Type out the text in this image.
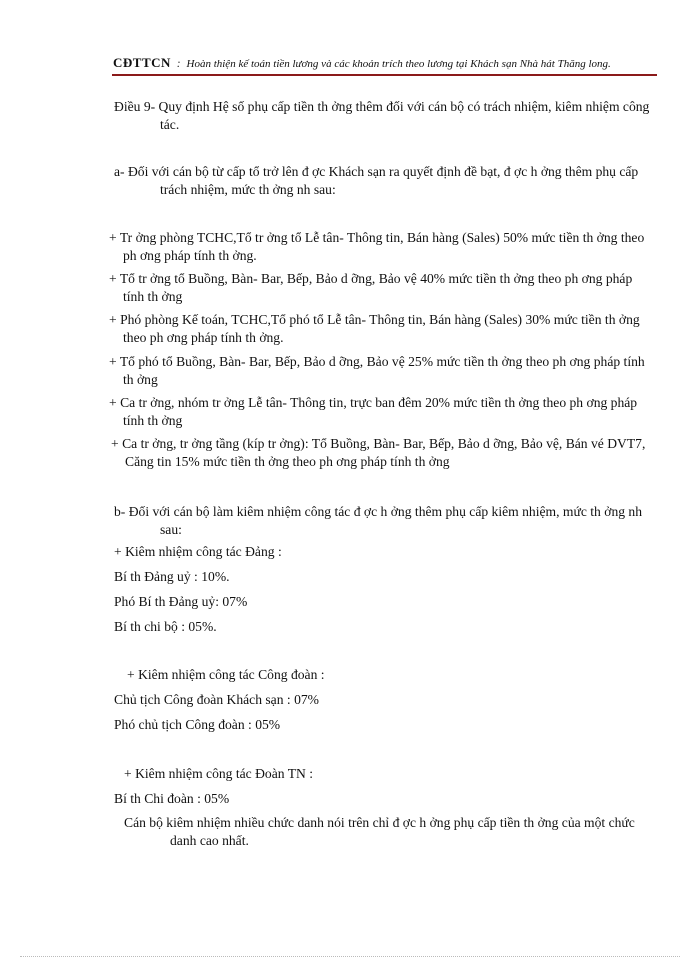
CĐTTCN : Hoàn thiện kế toán tiền lương và các khoản trích theo lương tại Khách sạn Nhà hát Thăng long.
Điều 9- Quy định Hệ số phụ cấp tiền th ởng thêm đối với cán bộ có trách nhiệm, kiêm nhiệm công tác.
a- Đối với cán bộ từ cấp tổ trở lên đ ợc Khách sạn ra quyết định đề bạt, đ ợc h ởng thêm phụ cấp trách nhiệm, mức th ởng nh sau:
+ Tr ởng phòng TCHC,Tổ tr ởng tổ Lễ tân- Thông tin, Bán hàng (Sales) 50% mức tiền th ởng theo ph ơng pháp tính th ởng.
+ Tổ tr ởng tổ Buồng, Bàn- Bar, Bếp, Bảo d ỡng, Bảo vệ 40% mức tiền th ởng theo ph ơng pháp tính th ởng
+ Phó phòng Kế toán, TCHC,Tổ phó tổ Lễ tân- Thông tin, Bán hàng (Sales) 30% mức tiền th ởng theo ph ơng pháp tính th ởng.
+ Tổ phó tổ Buồng, Bàn- Bar, Bếp, Bảo d ỡng, Bảo vệ 25% mức tiền th ởng theo ph ơng pháp tính th ởng
+ Ca tr ởng, nhóm tr ởng Lễ tân- Thông tin, trực ban đêm 20% mức tiền th ởng theo ph ơng pháp tính th ởng
+ Ca tr ởng, tr ởng tầng (kíp tr ởng): Tổ Buồng, Bàn- Bar, Bếp, Bảo d ỡng, Bảo vệ, Bán vé DVT7, Căng tin 15% mức tiền th ởng theo ph ơng pháp tính th ởng
b- Đối với cán bộ làm kiêm nhiệm công tác đ ợc h ởng thêm phụ cấp kiêm nhiệm, mức th ởng nh sau:
+ Kiêm nhiệm công tác Đảng :
Bí th Đảng uỷ : 10%.
Phó Bí th Đảng uỷ: 07%
Bí th chi bộ : 05%.
+ Kiêm nhiệm công tác Công đoàn :
Chủ tịch Công đoàn Khách sạn : 07%
Phó chủ tịch Công đoàn : 05%
+ Kiêm nhiệm công tác Đoàn TN :
Bí th Chi đoàn : 05%
Cán bộ kiêm nhiệm nhiều chức danh nói trên chỉ đ ợc h ởng phụ cấp tiền th ởng của một chức danh cao nhất.
